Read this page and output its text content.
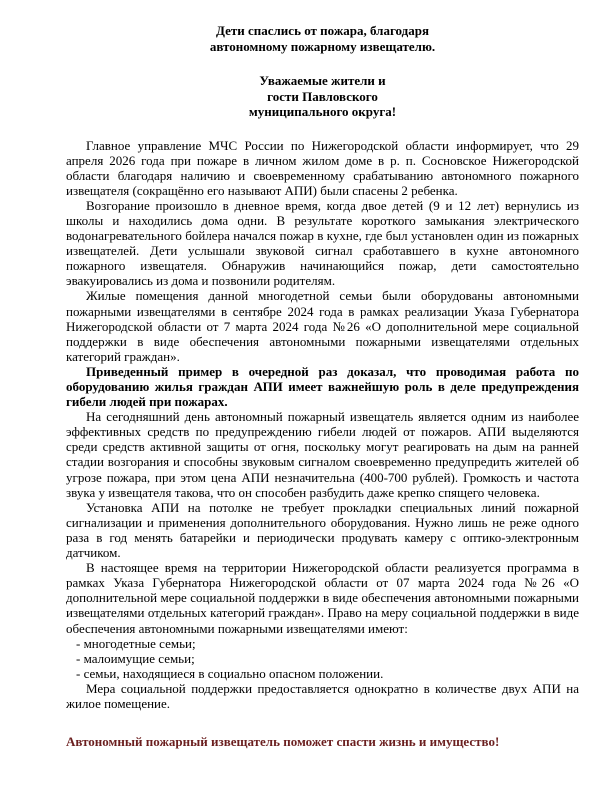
Дети спаслись от пожара, благодаря
автономному пожарному извещателю.
Уважаемые жители и
гости Павловского
муниципального округа!

Главное управление МЧС России по Нижегородской области информирует, что 29 апреля 2026 года при пожаре в личном жилом доме в р. п. Сосновское Нижегородской области благодаря наличию и своевременному срабатыванию автономного пожарного извещателя (сокращённо его называют АПИ) были спасены 2 ребенка.

Возгорание произошло в дневное время, когда двое детей (9 и 12 лет) вернулись из школы и находились дома одни. В результате короткого замыкания электрического водонагревательного бойлера начался пожар в кухне, где был установлен один из пожарных извещателей. Дети услышали звуковой сигнал сработавшего в кухне автономного пожарного извещателя. Обнаружив начинающийся пожар, дети самостоятельно эвакуировались из дома и позвонили родителям.

Жилые помещения данной многодетной семьи были оборудованы автономными пожарными извещателями в сентябре 2024 года в рамках реализации Указа Губернатора Нижегородской области от 7 марта 2024 года №26 «О дополнительной мере социальной поддержки в виде обеспечения автономными пожарными извещателями отдельных категорий граждан».

Приведенный пример в очередной раз доказал, что проводимая работа по оборудованию жилья граждан АПИ имеет важнейшую роль в деле предупреждения гибели людей при пожарах.

На сегодняшний день автономный пожарный извещатель является одним из наиболее эффективных средств по предупреждению гибели людей от пожаров. АПИ выделяются среди средств активной защиты от огня, поскольку могут реагировать на дым на ранней стадии возгорания и способны звуковым сигналом своевременно предупредить жителей об угрозе пожара, при этом цена АПИ незначительна (400-700 рублей). Громкость и частота звука у извещателя такова, что он способен разбудить даже крепко спящего человека.

Установка АПИ на потолке не требует прокладки специальных линий пожарной сигнализации и применения дополнительного оборудования. Нужно лишь не реже одного раза в год менять батарейки и периодически продувать камеру с оптико-электронным датчиком.

В настоящее время на территории Нижегородской области реализуется программа в рамках Указа Губернатора Нижегородской области от 07 марта 2024 года №26 «О дополнительной мере социальной поддержки в виде обеспечения автономными пожарными извещателями отдельных категорий граждан». Право на меру социальной поддержки в виде обеспечения автономными пожарными извещателями имеют:

- многодетные семьи;
- малоимущие семьи;
- семьи, находящиеся в социально опасном положении.

Мера социальной поддержки предоставляется однократно в количестве двух АПИ на жилое помещение.

Автономный пожарный извещатель поможет спасти жизнь и имущество!
